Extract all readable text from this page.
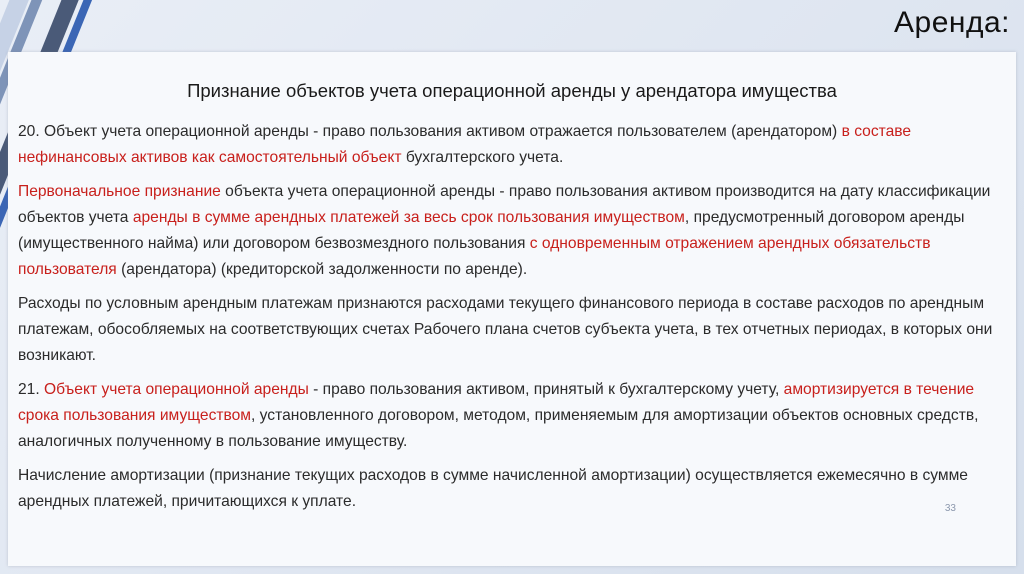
Аренда:
Признание объектов учета операционной аренды у арендатора имущества

20. Объект учета операционной аренды - право пользования активом отражается пользователем (арендатором) в составе нефинансовых активов как самостоятельный объект бухгалтерского учета.

Первоначальное признание объекта учета операционной аренды - право пользования активом производится на дату классификации объектов учета аренды в сумме арендных платежей за весь срок пользования имуществом, предусмотренный договором аренды (имущественного найма) или договором безвозмездного пользования с одновременным отражением арендных обязательств пользователя (арендатора) (кредиторской задолженности по аренде).

Расходы по условным арендным платежам признаются расходами текущего финансового периода в составе расходов по арендным платежам, обособляемых на соответствующих счетах Рабочего плана счетов субъекта учета, в тех отчетных периодах, в которых они возникают.

21. Объект учета операционной аренды - право пользования активом, принятый к бухгалтерскому учету, амортизируется в течение срока пользования имуществом, установленного договором, методом, применяемым для амортизации объектов основных средств, аналогичных полученному в пользование имуществу.

Начисление амортизации (признание текущих расходов в сумме начисленной амортизации) осуществляется ежемесячно в сумме арендных платежей, причитающихся к уплате.	33
